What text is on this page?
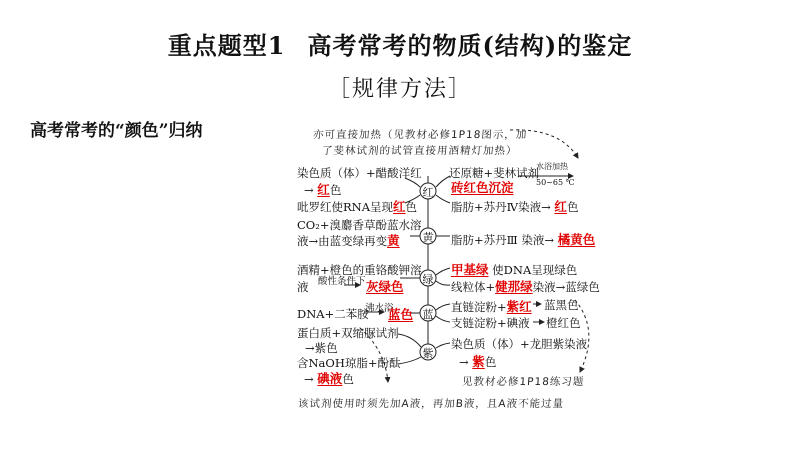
重点题型1 高考常考的物质(结构)的鉴定
［规律方法］
高考常考的“颜色”归纳
红
黄
绿
蓝
紫
亦可直接加热（见教材必修1P18图示，加
了斐林试剂的试管直接用酒精灯加热）
该试剂使用时须先加A液，再加B液，且A液不能过量
见教材必修1P18练习题
染色质（体）+醋酸洋红
→ 红色
吡罗红使RNA呈现红色
CO₂+溴麝香草酚蓝水溶
液→由蓝变绿再变黄
酒精+橙色的重铬酸钾溶
液 酸性条件下 灰绿色
DNA+二苯胺
沸水浴
蓝色
蛋白质+双缩脲试剂
→紫色
含NaOH琼脂+酚酞
→ 碘液色
还原糖+斐林试剂
水浴加热
50~65 ℃
砖红色沉淀
脂肪+苏丹Ⅳ染液→ 红色
脂肪+苏丹Ⅲ 染液→ 橘黄色
甲基绿 使DNA呈现绿色
线粒体+健那绿染液→蓝绿色
直链淀粉+紫红 蓝黑色
支链淀粉+碘液 橙红色
染色质（体）+龙胆紫染液
→ 紫色
